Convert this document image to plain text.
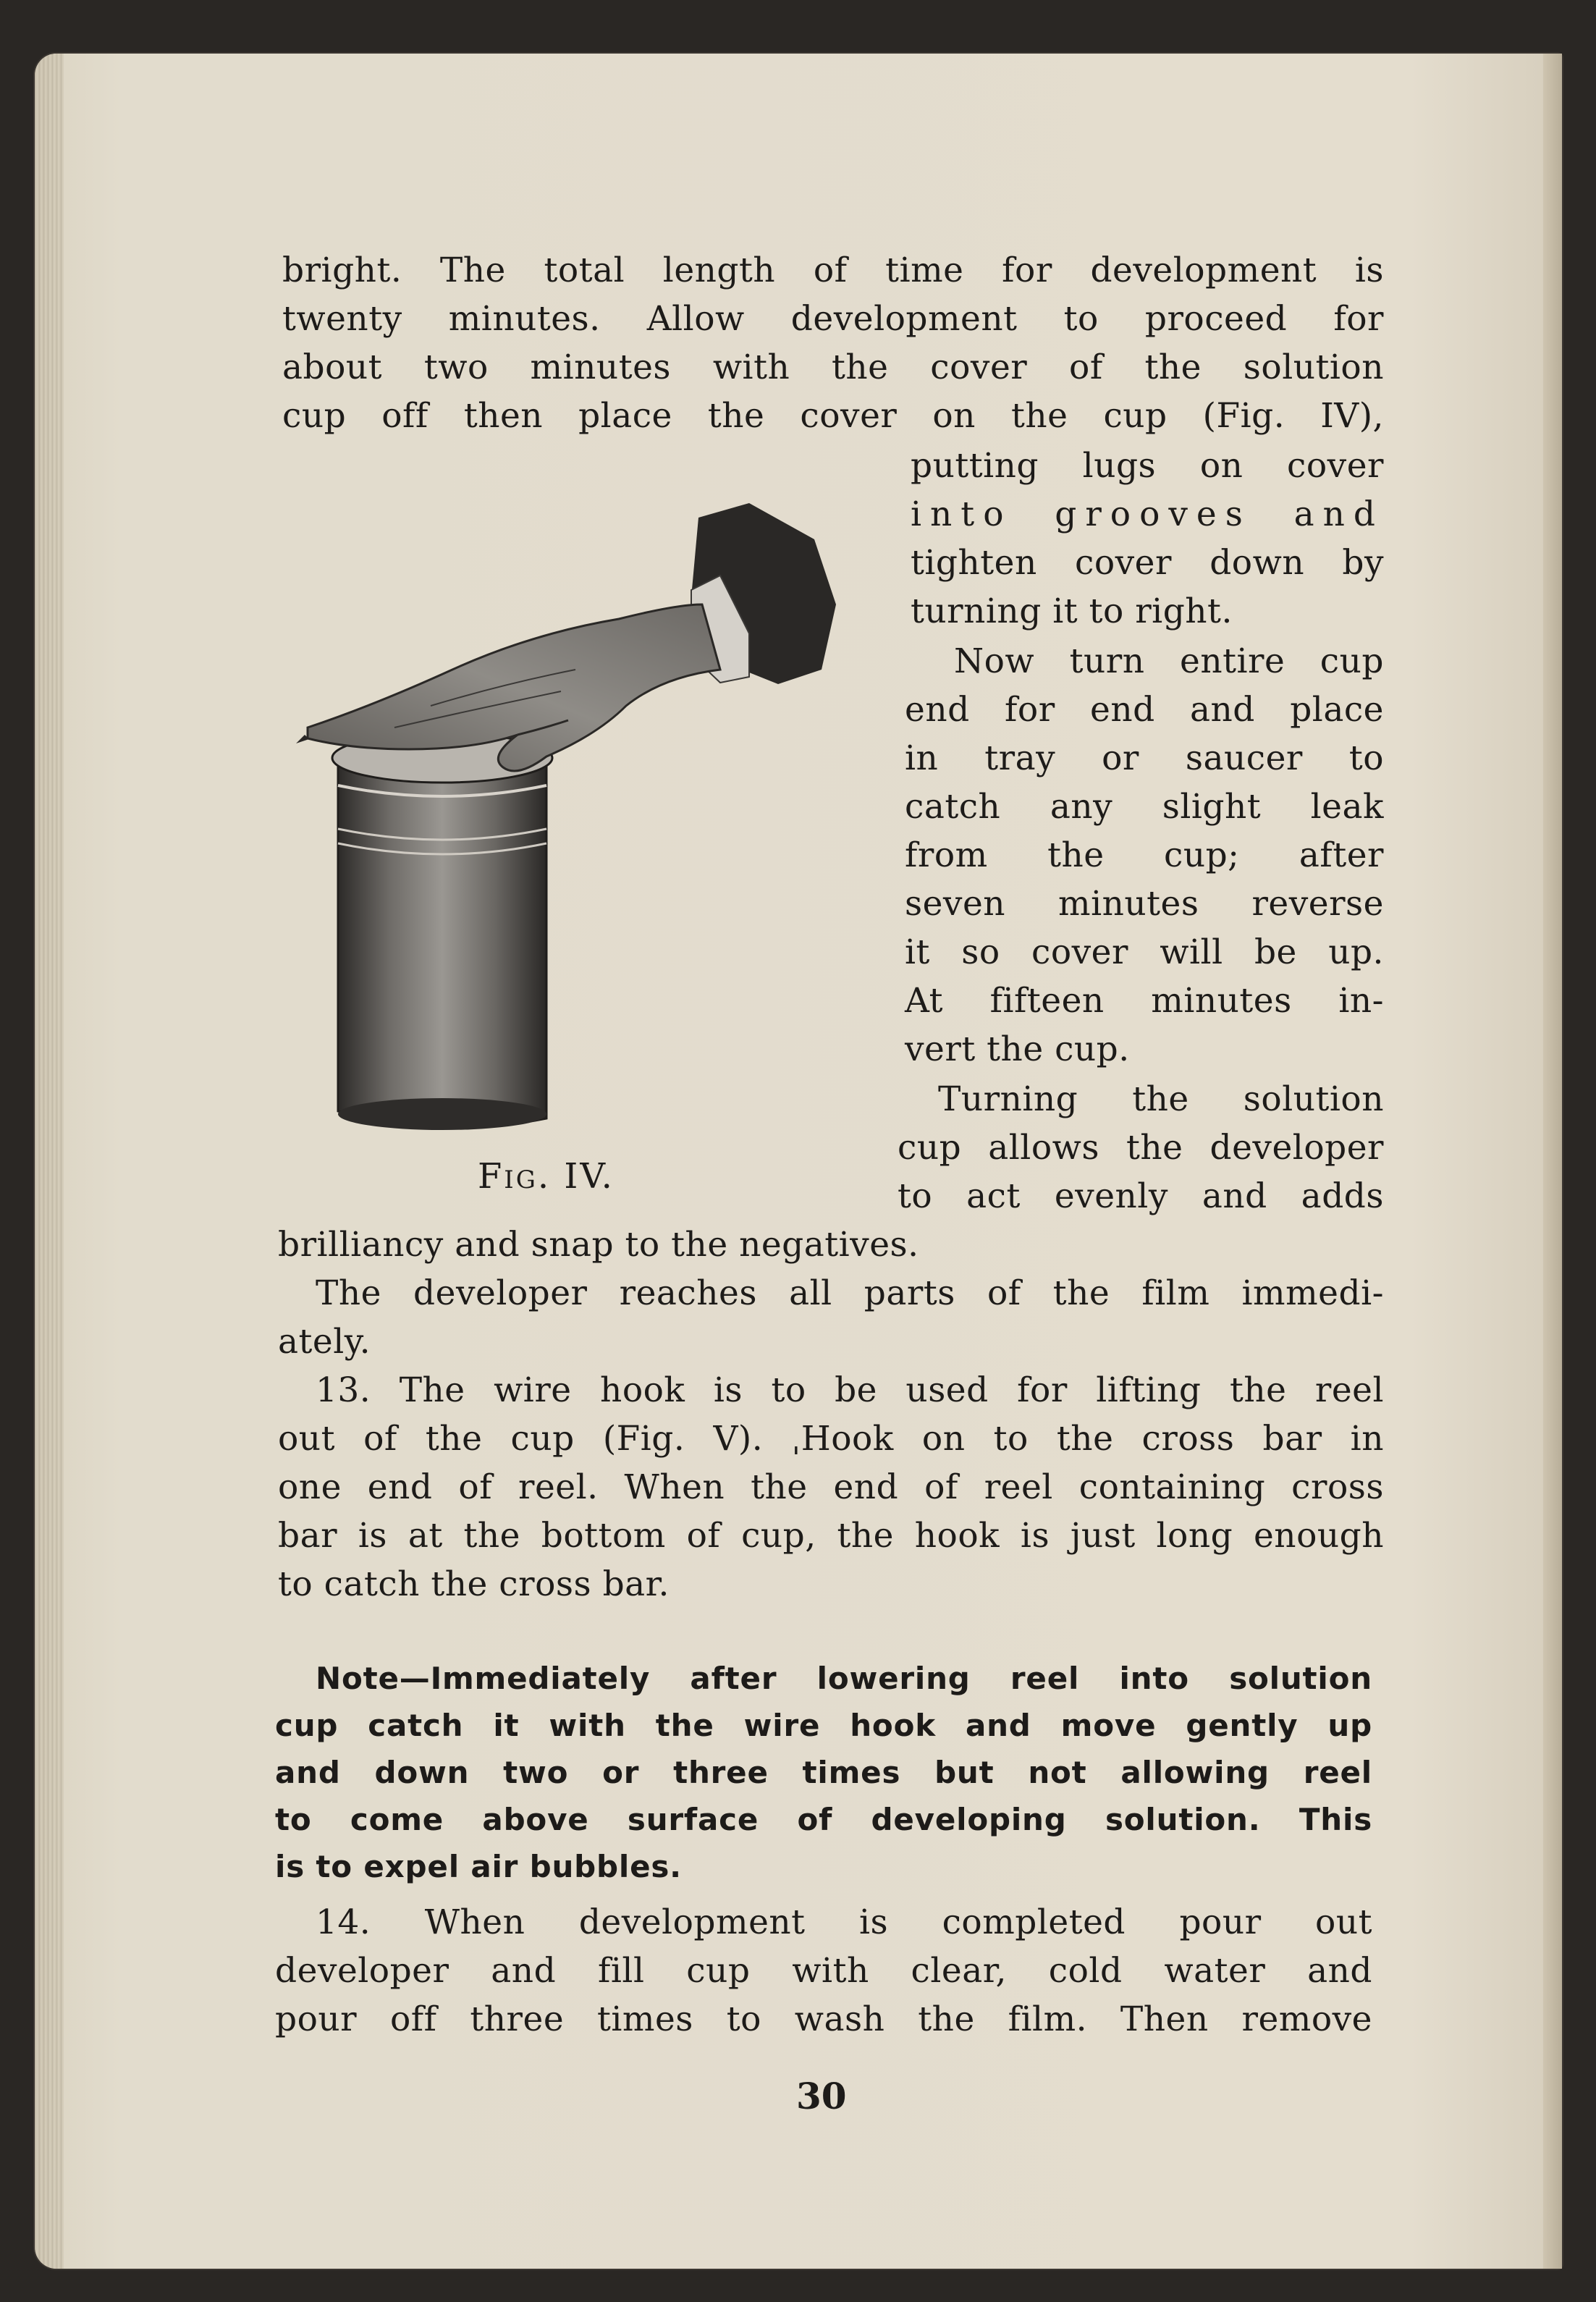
bright. The total length of time for development is
twenty minutes. Allow development to proceed for
about two minutes with the cover of the solution
cup off then place the cover on the cup (Fig. IV),
putting lugs on cover
into grooves and
tighten cover down by
turning it to right.
Now turn entire cup
end for end and place
in tray or saucer to
catch any slight leak
from the cup; after
seven minutes reverse
it so cover will be up.
At fifteen minutes in-
vert the cup.
Turning the solution
cup allows the developer
to act evenly and adds
brilliancy and snap to the negatives.
The developer reaches all parts of the film immedi-
ately.
13. The wire hook is to be used for lifting the reel
out of the cup (Fig. V). ˌHook on to the cross bar in
one end of reel. When the end of reel containing cross
bar is at the bottom of cup, the hook is just long enough
to catch the cross bar.
Note—Immediately after lowering reel into solution
cup catch it with the wire hook and move gently up
and down two or three times but not allowing reel
to come above surface of developing solution. This
is to expel air bubbles.
14. When development is completed pour out
developer and fill cup with clear, cold water and
pour off three times to wash the film. Then remove
Fig. IV.
30
